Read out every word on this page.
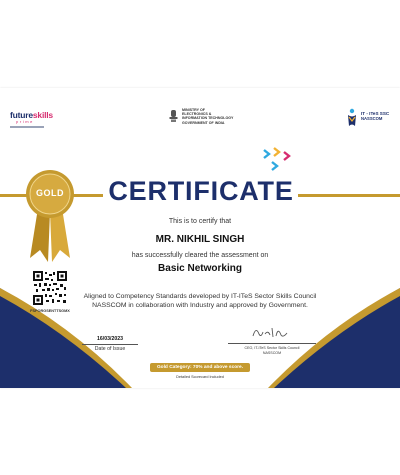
futureskills
prime
MINISTRY OF
ELECTRONICS &
INFORMATION TECHNOLOGY
GOVERNMENT OF INDIA
IT - ITeS SSC
NASSCOM
CERTIFICATE
GOLD
This is to certify that
MR. NIKHIL SINGH
has successfully cleared the assessment on
Basic Networking
Aligned to Competency Standards developed by IT-ITeS Sector Skills Council
NASSCOM in collaboration with Industry and approved by Government.
FSPORGSENTTSGMX
16/03/2023
Date of Issue	CEO, IT-ITeS Sector Skills Council
NASSCOM
Gold Category: 70% and above score.
Detailed Scorecard Included
